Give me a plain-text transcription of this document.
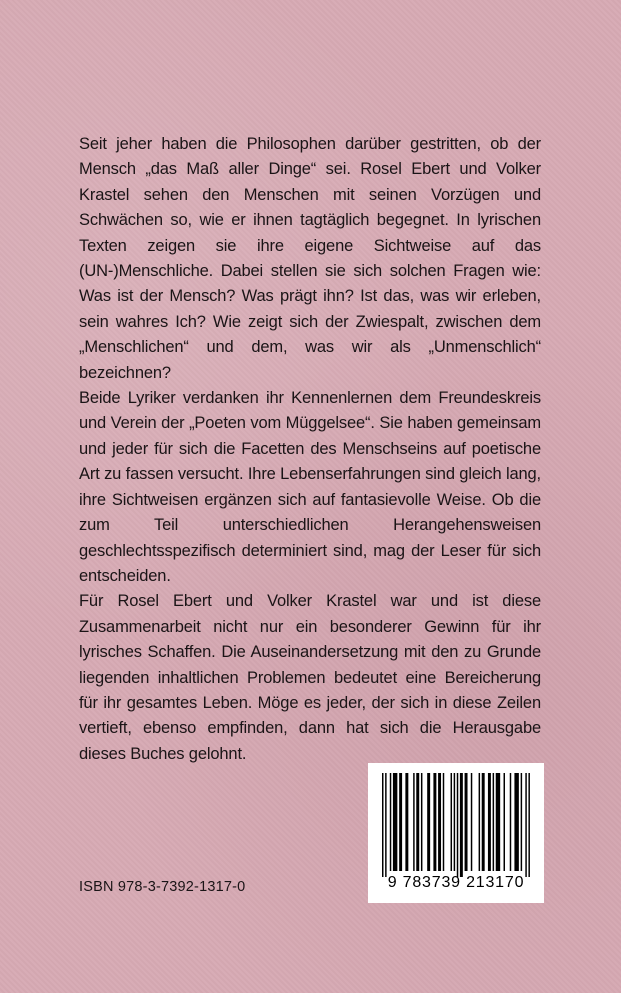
Seit jeher haben die Philosophen darüber gestritten, ob der Mensch „das Maß aller Dinge“ sei. Rosel Ebert und Volker Krastel sehen den Menschen mit seinen Vorzügen und Schwächen so, wie er ihnen tagtäglich begegnet. In lyrischen Texten zeigen sie ihre eigene Sichtweise auf das (UN-)Menschliche. Dabei stellen sie sich solchen Fragen wie: Was ist der Mensch? Was prägt ihn? Ist das, was wir erleben, sein wahres Ich? Wie zeigt sich der Zwiespalt, zwischen dem „Menschlichen“ und dem, was wir als „Unmenschlich“ bezeichnen?

Beide Lyriker verdanken ihr Kennenlernen dem Freundeskreis und Verein der „Poeten vom Müggelsee“. Sie haben gemeinsam und jeder für sich die Facetten des Menschseins auf poetische Art zu fassen versucht. Ihre Lebenserfahrungen sind gleich lang, ihre Sichtweisen ergänzen sich auf fantasievolle Weise. Ob die zum Teil unterschiedlichen Herangehensweisen geschlechtsspezifisch determiniert sind, mag der Leser für sich entscheiden.

Für Rosel Ebert und Volker Krastel war und ist diese Zusammenarbeit nicht nur ein besonderer Gewinn für ihr lyrisches Schaffen. Die Auseinandersetzung mit den zu Grunde liegenden inhaltlichen Problemen bedeutet eine Bereicherung für ihr gesamtes Leben. Möge es jeder, der sich in diese Zeilen vertieft, ebenso empfinden, dann hat sich die Herausgabe dieses Buches gelohnt.

ISBN 978-3-7392-1317-0	9 783739 213170
